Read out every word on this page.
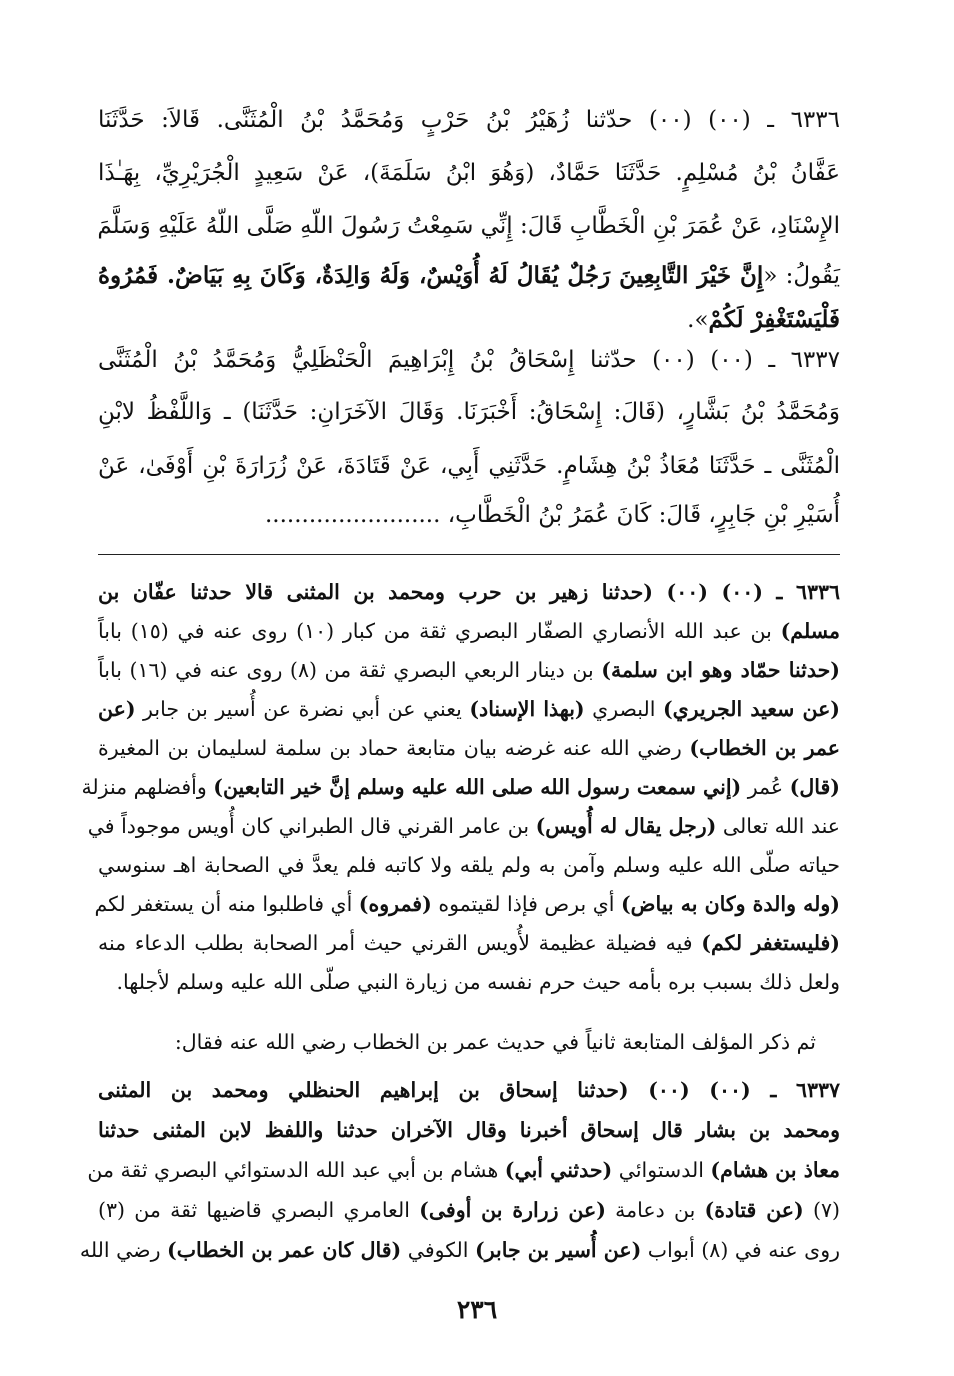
٦٣٣٦ ـ (٠٠) (٠٠) حدّثنا زُهَيْرُ بْنُ حَرْبٍ وَمُحَمَّدُ بْنُ الْمُثَنَّى. قَالاَ: حَدَّثَنَا
عَفَّانُ بْنُ مُسْلِمٍ. حَدَّثَنَا حَمَّادٌ، (وَهُوَ ابْنُ سَلَمَةَ)، عَنْ سَعِيدٍ الْجُرَيْرِيِّ، بِهَـٰذَا
الإِسْنَادِ، عَنْ عُمَرَ بْنِ الْخَطَّابِ قَالَ: إِنِّي سَمِعْتُ رَسُولَ اللّهِ صَلَّى اللّهُ عَلَيْهِ وَسَلَّمَ
يَقُولُ: «إِنَّ خَيْرَ التَّابِعِينَ رَجُلٌ يُقَالُ لَهُ أُوَيْسٌ، وَلَهُ وَالِدَةٌ، وَكَانَ بِهِ بَيَاضٌ. فَمُرُوهُ
فَلْيَسْتَغْفِرْ لَكُمْ».
٦٣٣٧ ـ (٠٠) (٠٠) حدّثنا إِسْحَاقُ بْنُ إِبْرَاهِيمَ الْحَنْظَلِيُّ وَمُحَمَّدُ بْنُ الْمُثَنَّى
وَمُحَمَّدُ بْنُ بَشَّارٍ، (قَالَ: إِسْحَاقُ: أَخْبَرَنَا. وَقَالَ الآخَرَانِ: حَدَّثَنَا) ـ وَاللَّفْظُ لابْنِ
الْمُثَنَّى ـ حَدَّثَنَا مُعَاذُ بْنُ هِشَامٍ. حَدَّثَنِي أَبِي، عَنْ قَتَادَةَ، عَنْ زُرَارَةَ بْنِ أَوْفَىٰ، عَنْ
أُسَيْرِ بْنِ جَابِرٍ، قَالَ: كَانَ عُمَرُ بْنُ الْخَطَّابِ، ........................
٦٣٣٦ ـ (٠٠) (٠٠) (حدثنا زهير بن حرب ومحمد بن المثنى قالا حدثنا عفّان بن
مسلم) بن عبد الله الأنصاري الصفّار البصري ثقة من كبار (١٠) روى عنه في (١٥) باباً
(حدثنا حمّاد وهو ابن سلمة) بن دينار الربعي البصري ثقة من (٨) روى عنه في (١٦) باباً
(عن سعيد الجريري) البصري (بهذا الإسناد) يعني عن أبي نضرة عن أُسير بن جابر (عن
عمر بن الخطاب) رضي الله عنه غرضه بيان متابعة حماد بن سلمة لسليمان بن المغيرة
(قال) عُمر (إني سمعت رسول الله صلى الله عليه وسلم إنَّ خير التابعين) وأفضلهم منزلة
عند الله تعالى (رجل يقال له أُويس) بن عامر القرني قال الطبراني كان أُويس موجوداً في
حياته صلّى الله عليه وسلم وآمن به ولم يلقه ولا كاتبه فلم يعدَّ في الصحابة اهـ سنوسي
(وله والدة وكان به بياض) أي برص فإذا لقيتموه (فمروه) أي فاطلبوا منه أن يستغفر لكم
(فليستغفر لكم) فيه فضيلة عظيمة لأُويس القرني حيث أمر الصحابة بطلب الدعاء منه
ولعل ذلك بسبب بره بأمه حيث حرم نفسه من زيارة النبي صلّى الله عليه وسلم لأجلها.
ثم ذكر المؤلف المتابعة ثانياً في حديث عمر بن الخطاب رضي الله عنه فقال:
٦٣٣٧ ـ (٠٠) (٠٠) (حدثنا إسحاق بن إبراهيم الحنظلي ومحمد بن المثنى
ومحمد بن بشار قال إسحاق أخبرنا وقال الآخران حدثنا واللفظ لابن المثنى حدثنا
معاذ بن هشام) الدستوائي (حدثني أبي) هشام بن أبي عبد الله الدستوائي البصري ثقة من
(٧) (عن قتادة) بن دعامة (عن زرارة بن أوفى) العامري البصري قاضيها ثقة من (٣)
روى عنه في (٨) أبواب (عن أُسير بن جابر) الكوفي (قال كان عمر بن الخطاب) رضي الله
٢٣٦
